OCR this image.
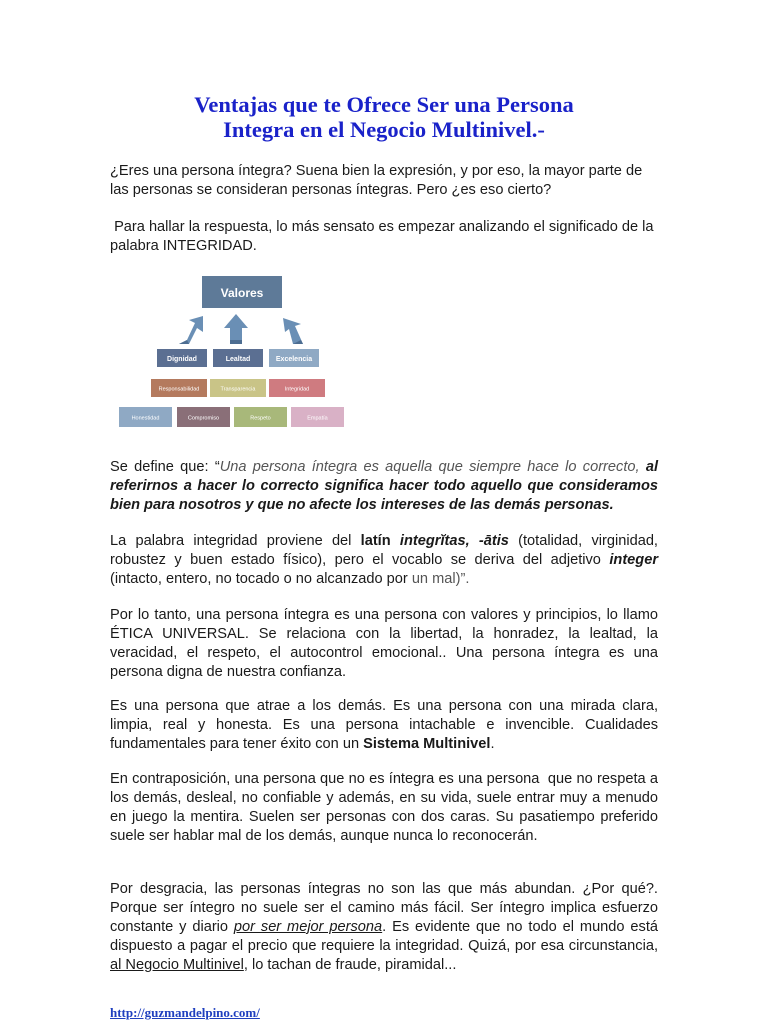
Ventajas que te Ofrece Ser una Persona
Integra en el Negocio Multinivel.-
¿Eres una persona íntegra? Suena bien la expresión, y por eso, la mayor parte de las personas se consideran personas íntegras. Pero ¿es eso cierto?
Para hallar la respuesta, lo más sensato es empezar analizando el significado de la palabra INTEGRIDAD.
Valores
Dignidad	Lealtad	Excelencia
Responsabilidad	Transparencia	Integridad
Honestidad	Compromiso	Respeto	Empatía
Se define que: “Una persona íntegra es aquella que siempre hace lo correcto, al referirnos a hacer lo correcto significa hacer todo aquello que consideramos bien para nosotros y que no afecte los intereses de las demás personas.
La palabra integridad proviene del latín integrĭtas, -ātis (totalidad, virginidad, robustez y buen estado físico), pero el vocablo se deriva del adjetivo integer (intacto, entero, no tocado o no alcanzado por un mal)”.
Por lo tanto, una persona íntegra es una persona con valores y principios, lo llamo ÉTICA UNIVERSAL. Se relaciona con la libertad, la honradez, la lealtad, la veracidad, el respeto, el autocontrol emocional.. Una persona íntegra es una persona digna de nuestra confianza.
Es una persona que atrae a los demás. Es una persona con una mirada clara, limpia, real y honesta. Es una persona intachable e invencible. Cualidades fundamentales para tener éxito con un Sistema Multinivel.
En contraposición, una persona que no es íntegra es una persona  que no respeta a los demás, desleal, no confiable y además, en su vida, suele entrar muy a menudo en juego la mentira. Suelen ser personas con dos caras. Su pasatiempo preferido suele ser hablar mal de los demás, aunque nunca lo reconocerán.
Por desgracia, las personas íntegras no son las que más abundan. ¿Por qué?. Porque ser íntegro no suele ser el camino más fácil. Ser íntegro implica esfuerzo constante y diario por ser mejor persona. Es evidente que no todo el mundo está dispuesto a pagar el precio que requiere la integridad. Quizá, por esa circunstancia, al Negocio Multinivel, lo tachan de fraude, piramidal...
http://guzmandelpino.com/
